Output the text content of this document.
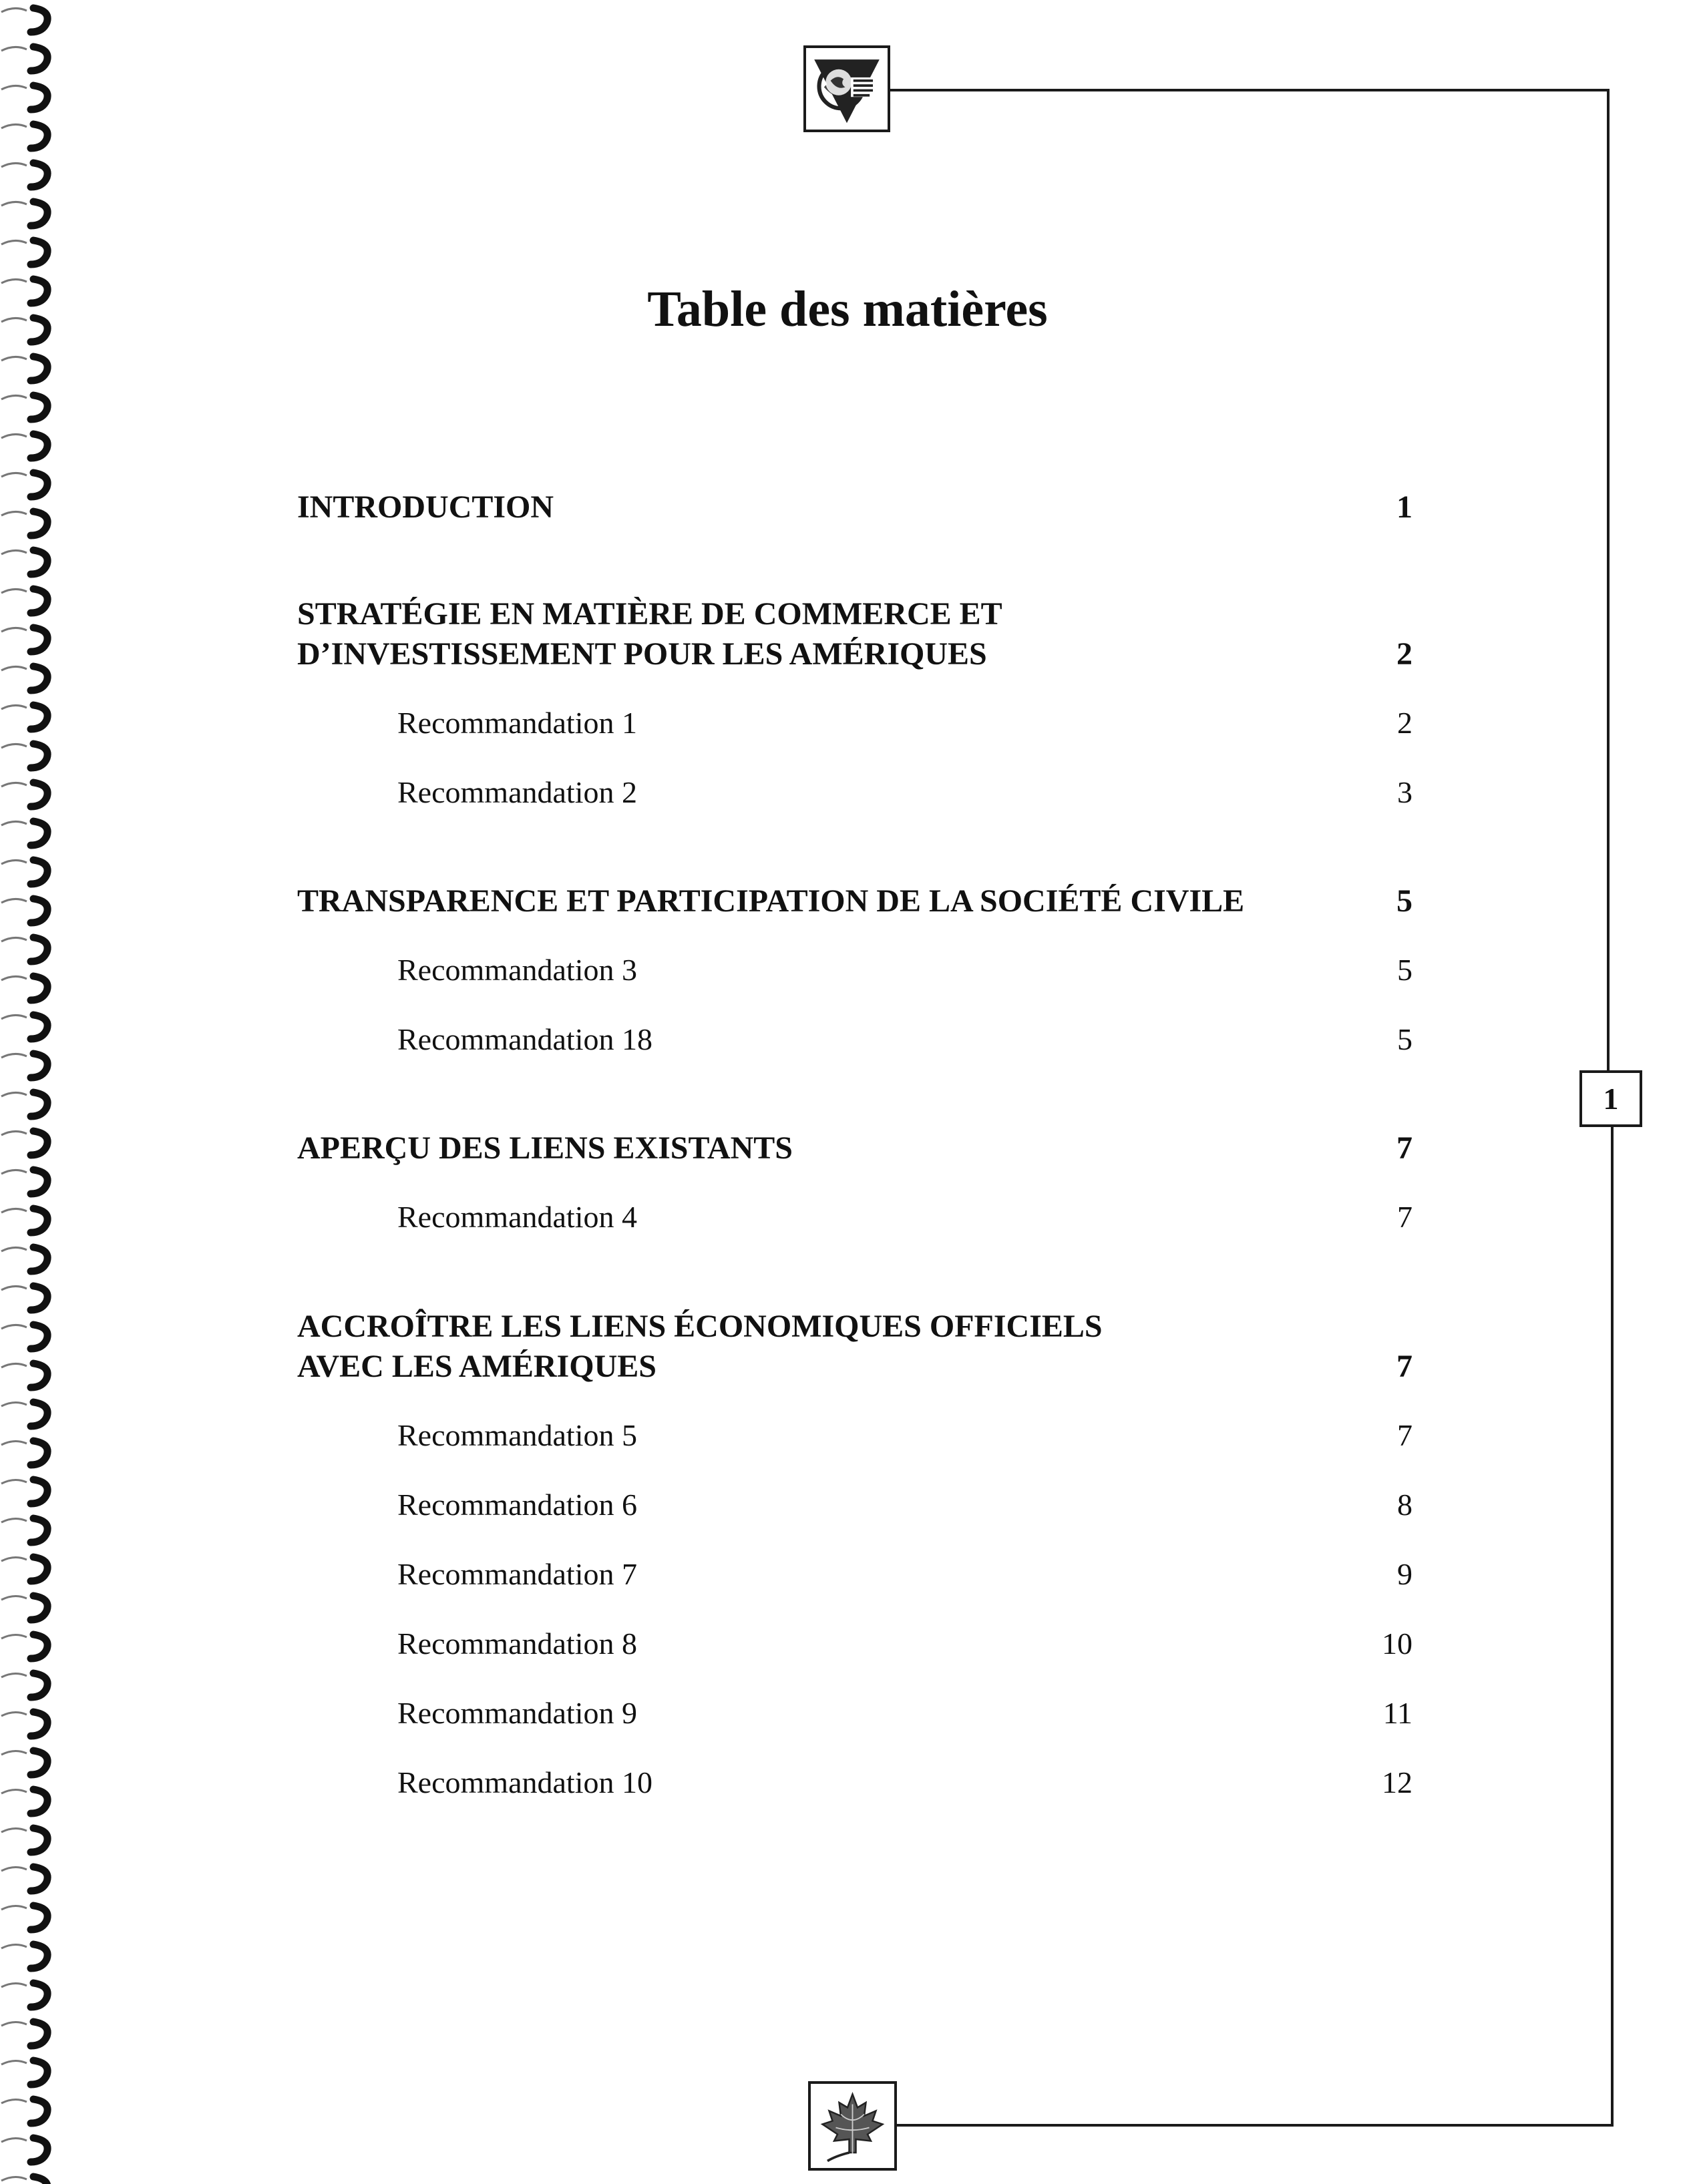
1
Table des matières
INTRODUCTION	1
STRATÉGIE EN MATIÈRE DE COMMERCE ET
D’INVESTISSEMENT POUR LES AMÉRIQUES	2
Recommandation 1	2
Recommandation 2	3
TRANSPARENCE ET PARTICIPATION DE LA SOCIÉTÉ CIVILE	5
Recommandation 3	5
Recommandation 18	5
APERÇU DES LIENS EXISTANTS	7
Recommandation 4	7
ACCROÎTRE LES LIENS ÉCONOMIQUES OFFICIELS
AVEC LES AMÉRIQUES	7
Recommandation 5	7
Recommandation 6	8
Recommandation 7	9
Recommandation 8	10
Recommandation 9	11
Recommandation 10	12
